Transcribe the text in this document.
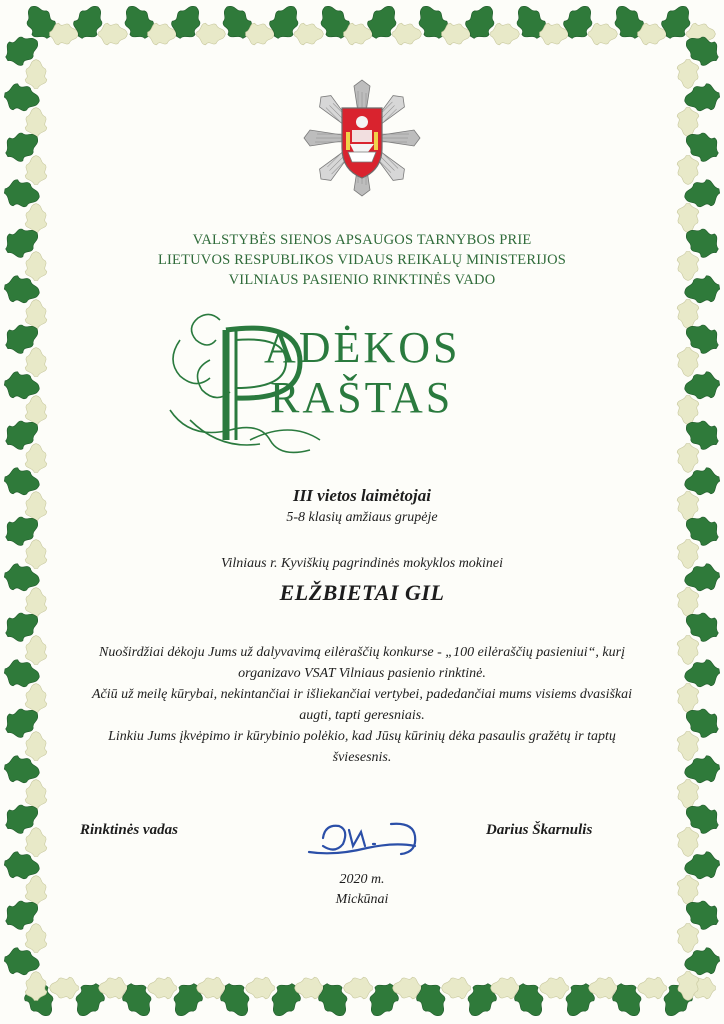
VALSTYBĖS SIENOS APSAUGOS TARNYBOS PRIE
LIETUVOS RESPUBLIKOS VIDAUS REIKALŲ MINISTERIJOS
VILNIAUS PASIENIO RINKTINĖS VADO
ADĖKOS
RAŠTAS
III vietos laimėtojai
5-8 klasių amžiaus grupėje
Vilniaus r. Kyviškių pagrindinės mokyklos mokinei
ELŽBIETAI GIL

Nuoširdžiai dėkoju Jums už dalyvavimą eilėraščių konkurse - „100 eilėraščių pasieniui“, kurį organizavo VSAT Vilniaus pasienio rinktinė.

Ačiū už meilę kūrybai, nekintančiai ir išliekančiai vertybei, padedančiai mums visiems dvasiškai augti, tapti geresniais.

Linkiu Jums įkvėpimo ir kūrybinio polėkio, kad Jūsų kūrinių dėka pasaulis gražėtų ir taptų šviesesnis.

Rinktinės vadas	Darius Škarnulis
2020 m.
Mickūnai
